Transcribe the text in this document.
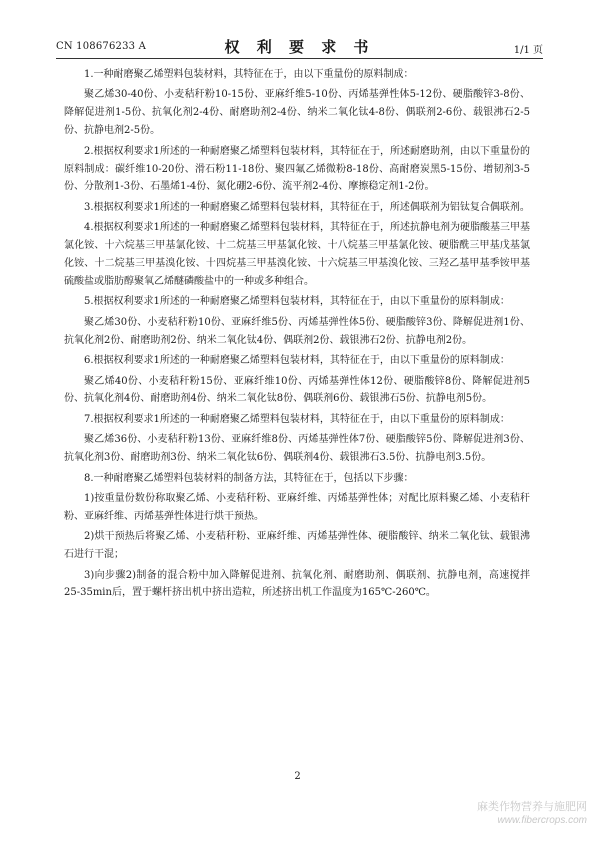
CN 108676233 A	权 利 要 求 书	1/1 页

1.一种耐磨聚乙烯塑料包装材料，其特征在于，由以下重量份的原料制成：

聚乙烯30-40份、小麦秸秆粉10-15份、亚麻纤维5-10份、丙烯基弹性体5-12份、硬脂酸锌3-8份、降解促进剂1-5份、抗氧化剂2-4份、耐磨助剂2-4份、纳米二氧化钛4-8份、偶联剂2-6份、载银沸石2-5份、抗静电剂2-5份。

2.根据权利要求1所述的一种耐磨聚乙烯塑料包装材料，其特征在于，所述耐磨助剂，由以下重量份的原料制成：碳纤维10-20份、滑石粉11-18份、聚四氟乙烯微粉8-18份、高耐磨炭黑5-15份、增韧剂3-5份、分散剂1-3份、石墨烯1-4份、氮化硼2-6份、流平剂2-4份、摩擦稳定剂1-2份。

3.根据权利要求1所述的一种耐磨聚乙烯塑料包装材料，其特征在于，所述偶联剂为铝钛复合偶联剂。

4.根据权利要求1所述的一种耐磨聚乙烯塑料包装材料，其特征在于，所述抗静电剂为硬脂酸基三甲基氯化铵、十六烷基三甲基氯化铵、十二烷基三甲基氯化铵、十八烷基三甲基氯化铵、硬脂酰三甲基戊基氯化铵、十二烷基三甲基溴化铵、十四烷基三甲基溴化铵、十六烷基三甲基溴化铵、三羟乙基甲基季铵甲基硫酸盐或脂肪醇聚氧乙烯醚磷酸盐中的一种或多种组合。

5.根据权利要求1所述的一种耐磨聚乙烯塑料包装材料，其特征在于，由以下重量份的原料制成：

聚乙烯30份、小麦秸秆粉10份、亚麻纤维5份、丙烯基弹性体5份、硬脂酸锌3份、降解促进剂1份、抗氧化剂2份、耐磨助剂2份、纳米二氧化钛4份、偶联剂2份、载银沸石2份、抗静电剂2份。

6.根据权利要求1所述的一种耐磨聚乙烯塑料包装材料，其特征在于，由以下重量份的原料制成：

聚乙烯40份、小麦秸秆粉15份、亚麻纤维10份、丙烯基弹性体12份、硬脂酸锌8份、降解促进剂5份、抗氧化剂4份、耐磨助剂4份、纳米二氧化钛8份、偶联剂6份、载银沸石5份、抗静电剂5份。

7.根据权利要求1所述的一种耐磨聚乙烯塑料包装材料，其特征在于，由以下重量份的原料制成：

聚乙烯36份、小麦秸秆粉13份、亚麻纤维8份、丙烯基弹性体7份、硬脂酸锌5份、降解促进剂3份、抗氧化剂3份、耐磨助剂3份、纳米二氧化钛6份、偶联剂4份、载银沸石3.5份、抗静电剂3.5份。

8.一种耐磨聚乙烯塑料包装材料的制备方法，其特征在于，包括以下步骤：

1)按重量份数份称取聚乙烯、小麦秸秆粉、亚麻纤维、丙烯基弹性体；对配比原料聚乙烯、小麦秸秆粉、亚麻纤维、丙烯基弹性体进行烘干预热。

2)烘干预热后将聚乙烯、小麦秸秆粉、亚麻纤维、丙烯基弹性体、硬脂酸锌、纳米二氧化钛、载银沸石进行干混；

3)向步骤2)制备的混合粉中加入降解促进剂、抗氧化剂、耐磨助剂、偶联剂、抗静电剂，高速搅拌25-35min后，置于螺杆挤出机中挤出造粒，所述挤出机工作温度为165℃-260℃。

2
麻类作物营养与施肥网
www.fibercrops.com
